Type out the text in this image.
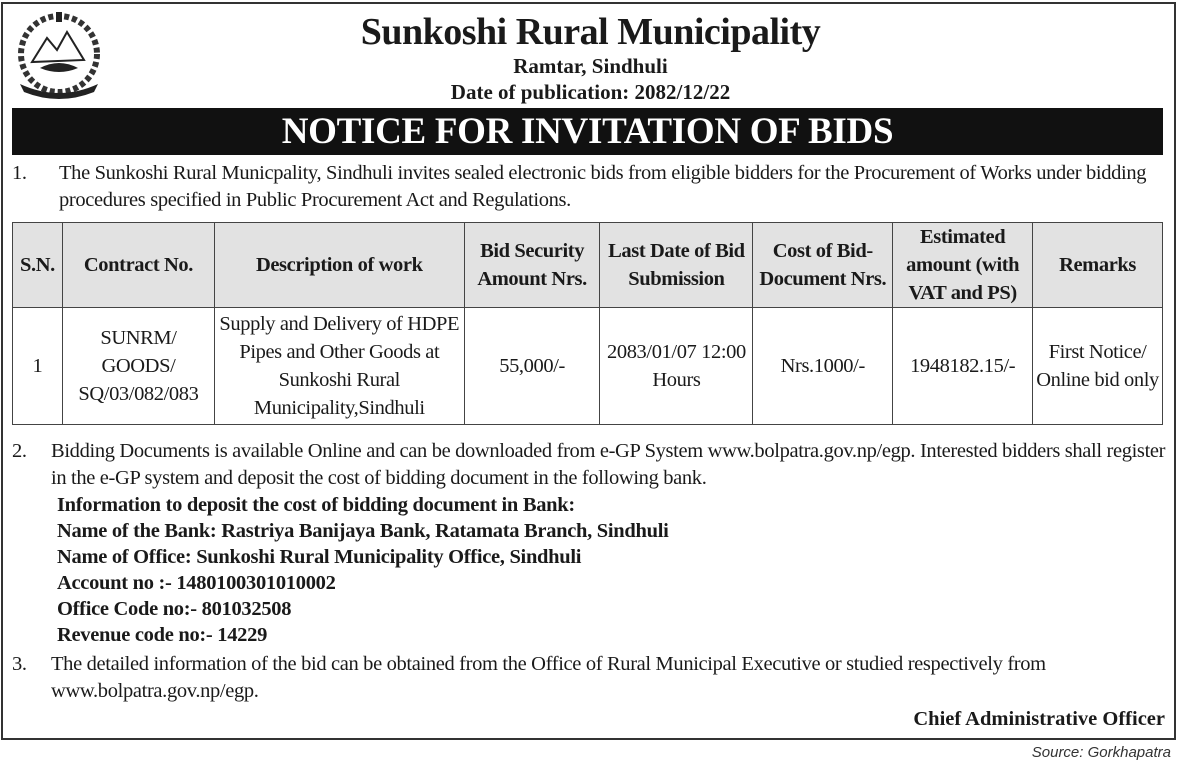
Sunkoshi Rural Municipality
Ramtar, Sindhuli
Date of publication: 2082/12/22
NOTICE FOR INVITATION OF BIDS
1. The Sunkoshi Rural Municpality, Sindhuli invites sealed electronic bids from eligible bidders for the Procurement of Works under bidding procedures specified in Public Procurement Act and Regulations.
S.N.	Contract No.	Description of work	Bid Security Amount Nrs.	Last Date of Bid Submission	Cost of Bid-Document Nrs.	Estimated amount (with VAT and PS)	Remarks
1	SUNRM/ GOODS/ SQ/03/082/083	Supply and Delivery of HDPE Pipes and Other Goods at Sunkoshi Rural Municipality,Sindhuli	55,000/-	2083/01/07 12:00 Hours	Nrs.1000/-	1948182.15/-	First Notice/ Online bid only
2. Bidding Documents is available Online and can be downloaded from e-GP System www.bolpatra.gov.np/egp. Interested bidders shall register in the e-GP system and deposit the cost of bidding document in the following bank.
Information to deposit the cost of bidding document in Bank:
Name of the Bank: Rastriya Banijaya Bank, Ratamata Branch, Sindhuli
Name of Office: Sunkoshi Rural Municipality Office, Sindhuli
Account no :- 1480100301010002
Office Code no:- 801032508
Revenue code no:- 14229
3. The detailed information of the bid can be obtained from the Office of Rural Municipal Executive or studied respectively from www.bolpatra.gov.np/egp.
Chief Administrative Officer
Source: Gorkhapatra
